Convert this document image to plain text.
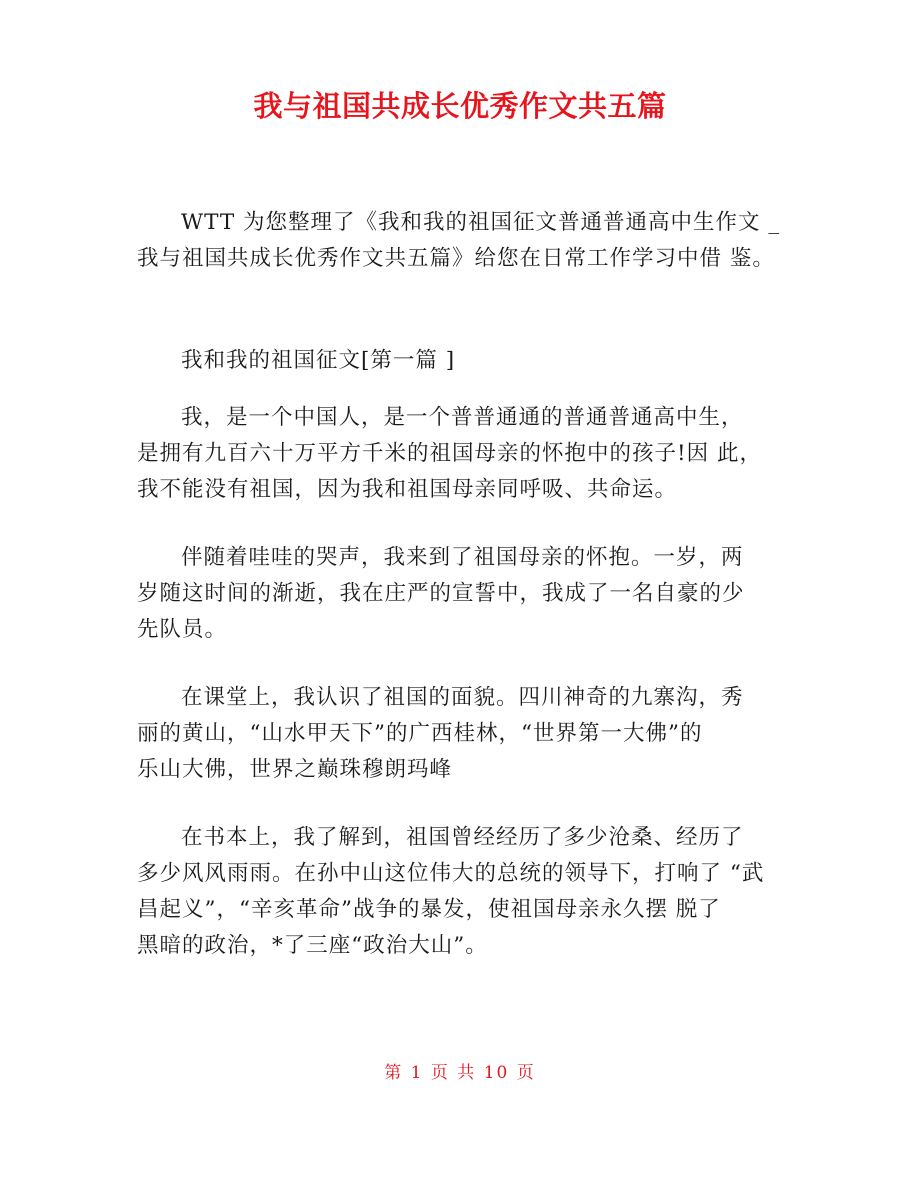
我与祖国共成长优秀作文共五篇
WTT 为您整理了《我和我的祖国征文普通普通高中生作文 _
我与祖国共成长优秀作文共五篇》给您在日常工作学习中借 鉴。
我和我的祖国征文[第一篇 ]
我，是一个中国人，是一个普普通通的普通普通高中生，
是拥有九百六十万平方千米的祖国母亲的怀抱中的孩子!因 此，
我不能没有祖国，因为我和祖国母亲同呼吸、共命运。
伴随着哇哇的哭声，我来到了祖国母亲的怀抱。一岁，两
岁随这时间的渐逝，我在庄严的宣誓中，我成了一名自豪的少
先队员。
在课堂上，我认识了祖国的面貌。四川神奇的九寨沟，秀
丽的黄山，“山水甲天下”的广西桂林，“世界第一大佛”的
乐山大佛，世界之巅珠穆朗玛峰
在书本上，我了解到，祖国曾经经历了多少沧桑、经历了
多少风风雨雨。在孙中山这位伟大的总统的领导下，打响了 “武
昌起义”，“辛亥革命”战争的暴发，使祖国母亲永久摆 脱了
黑暗的政治，*了三座“政治大山”。
第 1 页 共 10 页
